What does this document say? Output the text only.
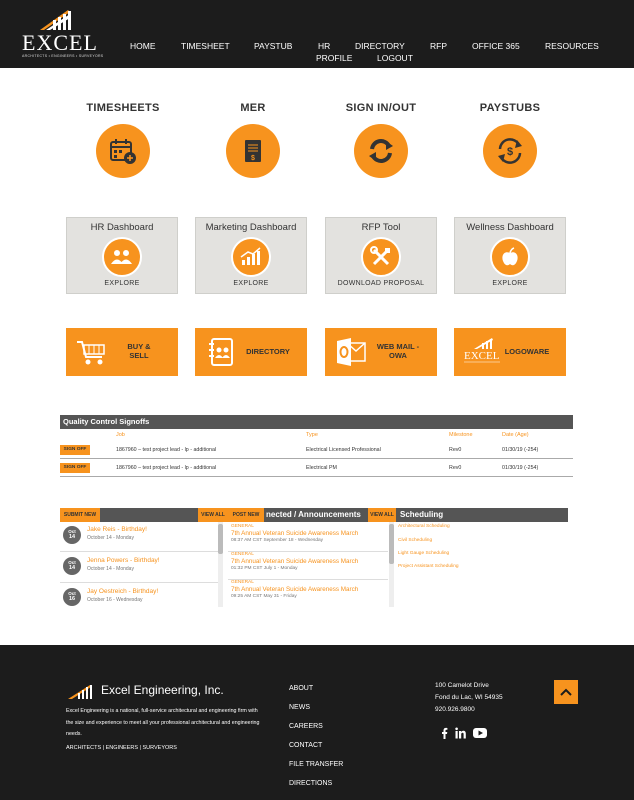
EXCEL
ARCHITECTS • ENGINEERS • SURVEYORS
HOME	TIMESHEET	PAYSTUB	HR	DIRECTORY	RFP	OFFICE 365	RESOURCES
PROFILE	LOGOUT
TIMESHEETS	MER
$
SIGN IN/OUT	PAYSTUBS
$
HR Dashboard
EXPLORE
Marketing Dashboard
EXPLORE
RFP Tool
DOWNLOAD PROPOSAL
Wellness Dashboard
EXPLORE
BUY &
SELL	DIRECTORY	WEB MAIL -
OWA	EXCEL LOGOWARE
Quality Control Signoffs
Job	Type	Milestone	Date (Age)
SIGN OFF	1867960 – test project lead - lp - additional	Electrical Licensed Professional	Rev0	01/30/19 (-254)
SIGN OFF	1867960 – test project lead - lp - additional	Electrical PM	Rev0	01/30/19 (-254)
SUBMIT NEW	VIEW ALL	POST NEW nected / Announcements	VIEW ALL Scheduling
Oct
14
Jake Reis - Birthday!
October 14 - Monday
Oct
14
Jenna Powers - Birthday!
October 14 - Monday
Oct
16
Jay Oestreich - Birthday!
October 16 - Wednesday
GENERAL
7th Annual Veteran Suicide Awareness March
08:37 AM CST September 18 - Wednesday
GENERAL
7th Annual Veteran Suicide Awareness March
01:32 PM CST July 1 - Monday
GENERAL
7th Annual Veteran Suicide Awareness March
09:25 AM CST May 31 - Friday
Architectural Scheduling
Civil Scheduling
Light Gauge Scheduling
Project Assistant Scheduling
Excel Engineering, Inc.
Excel Engineering is a national, full-service architectural and engineering firm with the size and experience to meet all your professional architectural and engineering needs.
ARCHITECTS | ENGINEERS | SURVEYORS
ABOUT
NEWS
CAREERS
CONTACT
FILE TRANSFER
DIRECTIONS
100 Camelot Drive
Fond du Lac, WI 54935
920.926.9800
